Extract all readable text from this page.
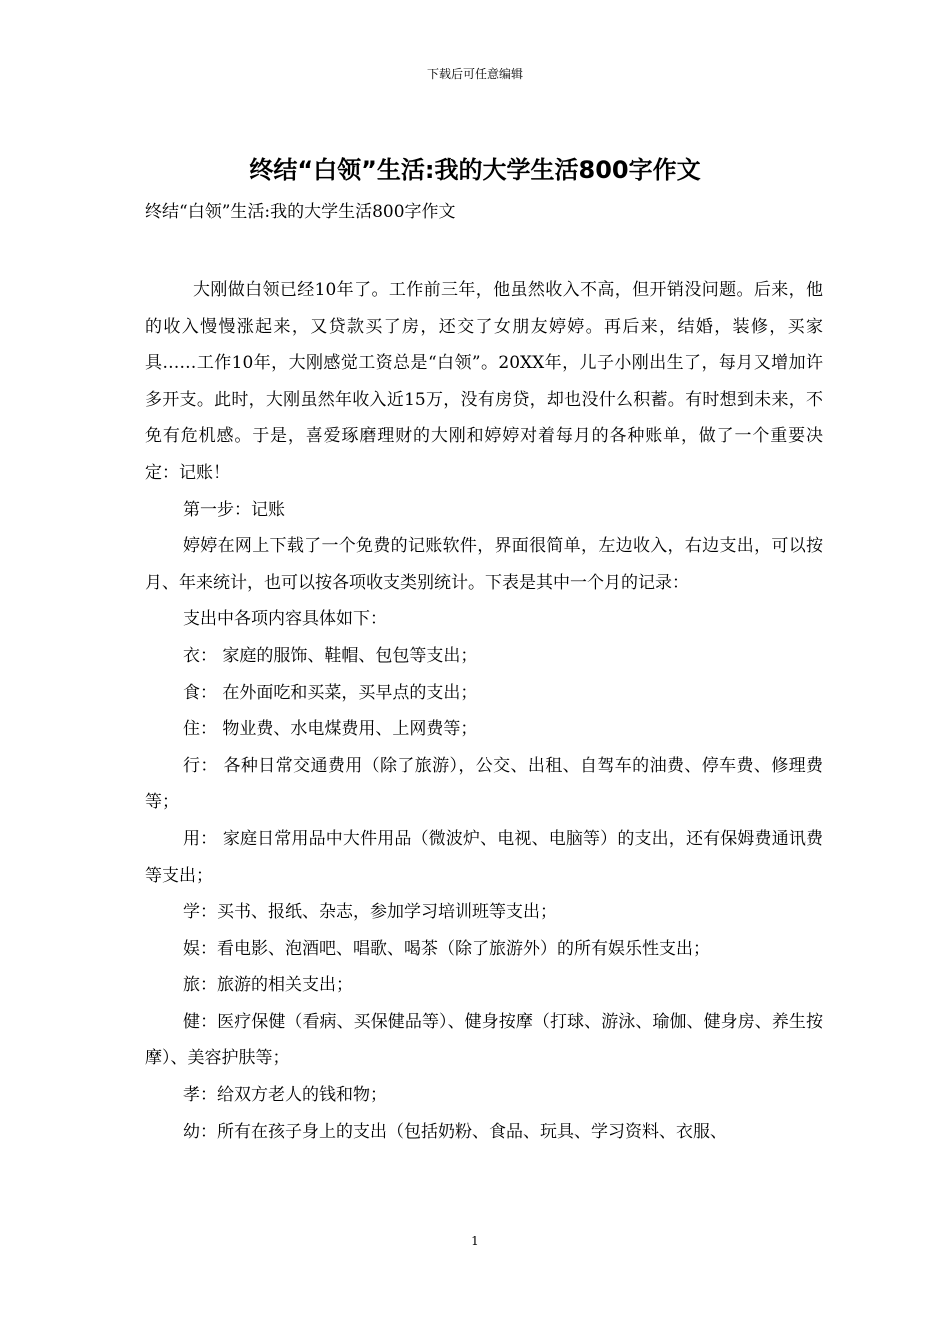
下载后可任意编辑
终结“白领”生活:我的大学生活800字作文

终结“白领”生活:我的大学生活800字作文

大刚做白领已经10年了。工作前三年，他虽然收入不高，但开销没问题。后来，他的收入慢慢涨起来，又贷款买了房，还交了女朋友婷婷。再后来，结婚，装修，买家具……工作10年，大刚感觉工资总是“白领”。20XX年，儿子小刚出生了，每月又增加许多开支。此时，大刚虽然年收入近15万，没有房贷，却也没什么积蓄。有时想到未来，不免有危机感。于是，喜爱琢磨理财的大刚和婷婷对着每月的各种账单，做了一个重要决定：记账！

第一步：记账

婷婷在网上下载了一个免费的记账软件，界面很简单，左边收入，右边支出，可以按月、年来统计，也可以按各项收支类别统计。下表是其中一个月的记录：

支出中各项内容具体如下：

衣： 家庭的服饰、鞋帽、包包等支出；

食： 在外面吃和买菜，买早点的支出；

住： 物业费、水电煤费用、上网费等；

行： 各种日常交通费用（除了旅游），公交、出租、自驾车的油费、停车费、修理费等；

用： 家庭日常用品中大件用品（微波炉、电视、电脑等）的支出，还有保姆费通讯费等支出；

学：买书、报纸、杂志，参加学习培训班等支出；

娱：看电影、泡酒吧、唱歌、喝茶（除了旅游外）的所有娱乐性支出；

旅：旅游的相关支出；

健：医疗保健（看病、买保健品等）、健身按摩（打球、游泳、瑜伽、健身房、养生按摩）、美容护肤等；

孝：给双方老人的钱和物；

幼：所有在孩子身上的支出（包括奶粉、食品、玩具、学习资料、衣服、

1
